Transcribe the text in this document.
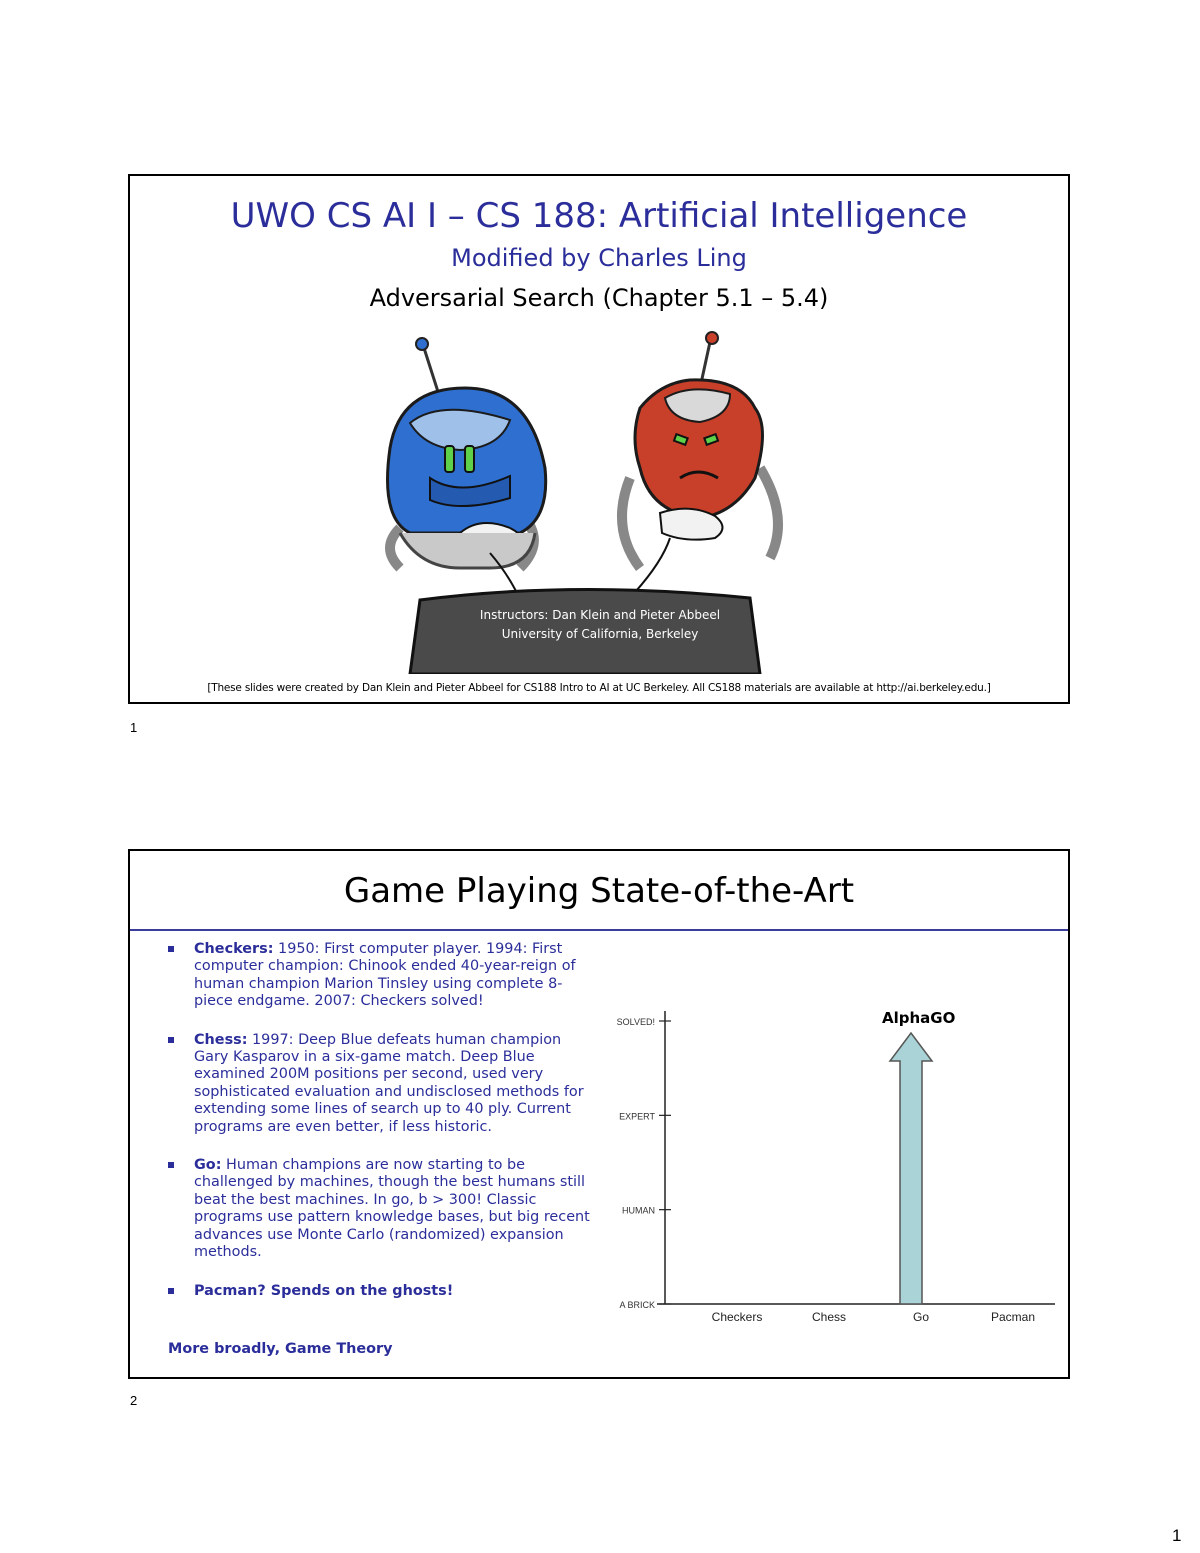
UWO CS AI I – CS 188: Artificial Intelligence
Modified by Charles Ling
Adversarial Search (Chapter 5.1 – 5.4)
Instructors: Dan Klein and Pieter Abbeel
University of California, Berkeley
[These slides were created by Dan Klein and Pieter Abbeel for CS188 Intro to AI at UC Berkeley. All CS188 materials are available at http://ai.berkeley.edu.]
1
Game Playing State-of-the-Art
Checkers: 1950: First computer player. 1994: First computer champion: Chinook ended 40-year-reign of human champion Marion Tinsley using complete 8-piece endgame. 2007: Checkers solved!
Chess: 1997: Deep Blue defeats human champion Gary Kasparov in a six-game match. Deep Blue examined 200M positions per second, used very sophisticated evaluation and undisclosed methods for extending some lines of search up to 40 ply. Current programs are even better, if less historic.
Go: Human champions are now starting to be challenged by machines, though the best humans still beat the best machines. In go, b > 300! Classic programs use pattern knowledge bases, but big recent advances use Monte Carlo (randomized) expansion methods.
Pacman? Spends on the ghosts!
More broadly, Game Theory
A BRICK
HUMAN
EXPERT
SOLVED!
Checkers	Chess	Go	Pacman
AlphaGO
2
1
